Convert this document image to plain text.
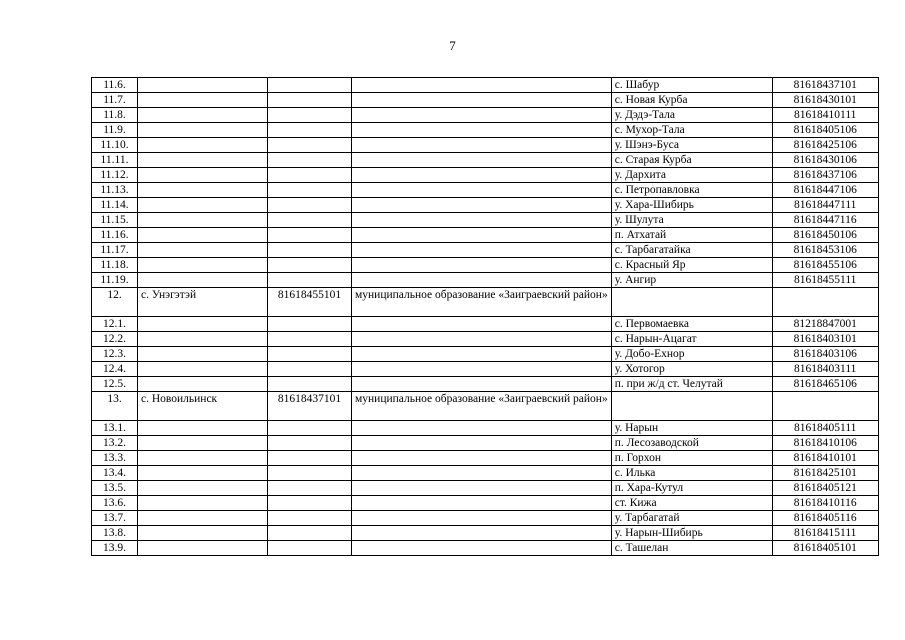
7
11.6.				с. Шабур	81618437101
11.7.				с. Новая Курба	81618430101
11.8.				у. Дэдэ-Тала	81618410111
11.9.				с. Мухор-Тала	81618405106
11.10.				у. Шэнэ-Буса	81618425106
11.11.				с. Старая Курба	81618430106
11.12.				у. Дархита	81618437106
11.13.				с. Петропавловка	81618447106
11.14.				у. Хара-Шибирь	81618447111
11.15.				у. Шулута	81618447116
11.16.				п. Атхатай	81618450106
11.17.				с. Тарбагатайка	81618453106
11.18.				с. Красный Яр	81618455106
11.19.				у. Ангир	81618455111
12.	с. Унэгэтэй	81618455101	муниципальное образование «Заиграевский район»		
12.1.				с. Первомаевка	81218847001
12.2.				с. Нарын-Ацагат	81618403101
12.3.				у. Добо-Ехнор	81618403106
12.4.				у. Хотогор	81618403111
12.5.				п. при ж/д ст. Челутай	81618465106
13.	с. Новоильинск	81618437101	муниципальное образование «Заиграевский район»		
13.1.				у. Нарын	81618405111
13.2.				п. Лесозаводской	81618410106
13.3.				п. Горхон	81618410101
13.4.				с. Илька	81618425101
13.5.				п. Хара-Кутул	81618405121
13.6.				ст. Кижа	81618410116
13.7.				у. Тарбагатай	81618405116
13.8.				у. Нарын-Шибирь	81618415111
13.9.				с. Ташелан	81618405101
